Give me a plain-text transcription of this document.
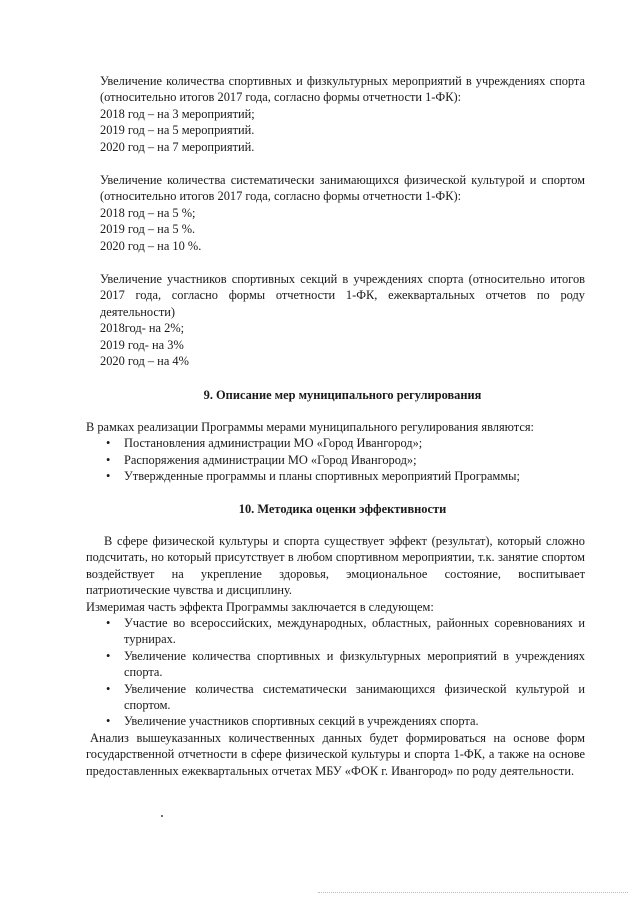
Увеличение количества спортивных и физкультурных мероприятий в учреждениях спорта (относительно итогов 2017 года, согласно формы отчетности 1-ФК):

2018 год – на 3 мероприятий;

2019 год – на 5 мероприятий.

2020 год – на 7 мероприятий.

Увеличение количества систематически занимающихся физической культурой и спортом (относительно итогов 2017 года, согласно формы отчетности 1-ФК):

2018 год – на 5 %;

2019 год – на 5 %.

2020 год – на 10 %.

Увеличение участников спортивных секций в учреждениях спорта (относительно итогов 2017 года, согласно формы отчетности 1-ФК, ежеквартальных отчетов по роду деятельности)

2018год- на 2%;

2019 год- на 3%

2020 год – на 4%

9. Описание мер муниципального регулирования

В рамках реализации Программы мерами муниципального регулирования являются:

• Постановления администрации МО «Город Ивангород»;
• Распоряжения администрации МО «Город Ивангород»;
• Утвержденные программы и планы спортивных мероприятий Программы;

10. Методика оценки эффективности

В сфере физической культуры и спорта существует эффект (результат), который сложно подсчитать, но который присутствует в любом спортивном мероприятии, т.к. занятие спортом воздействует на укрепление здоровья, эмоциональное состояние, воспитывает патриотические чувства и дисциплину.

Измеримая часть эффекта Программы заключается в следующем:

• Участие во всероссийских, международных, областных, районных соревнованиях и турнирах.
• Увеличение количества спортивных и физкультурных мероприятий в учреждениях спорта.
• Увеличение количества систематически занимающихся физической культурой и спортом.
• Увеличение участников спортивных секций в учреждениях спорта.

Анализ вышеуказанных количественных данных будет формироваться на основе форм государственной отчетности в сфере физической культуры и спорта 1-ФК, а также на основе предоставленных ежеквартальных отчетах МБУ «ФОК г. Ивангород» по роду деятельности.
